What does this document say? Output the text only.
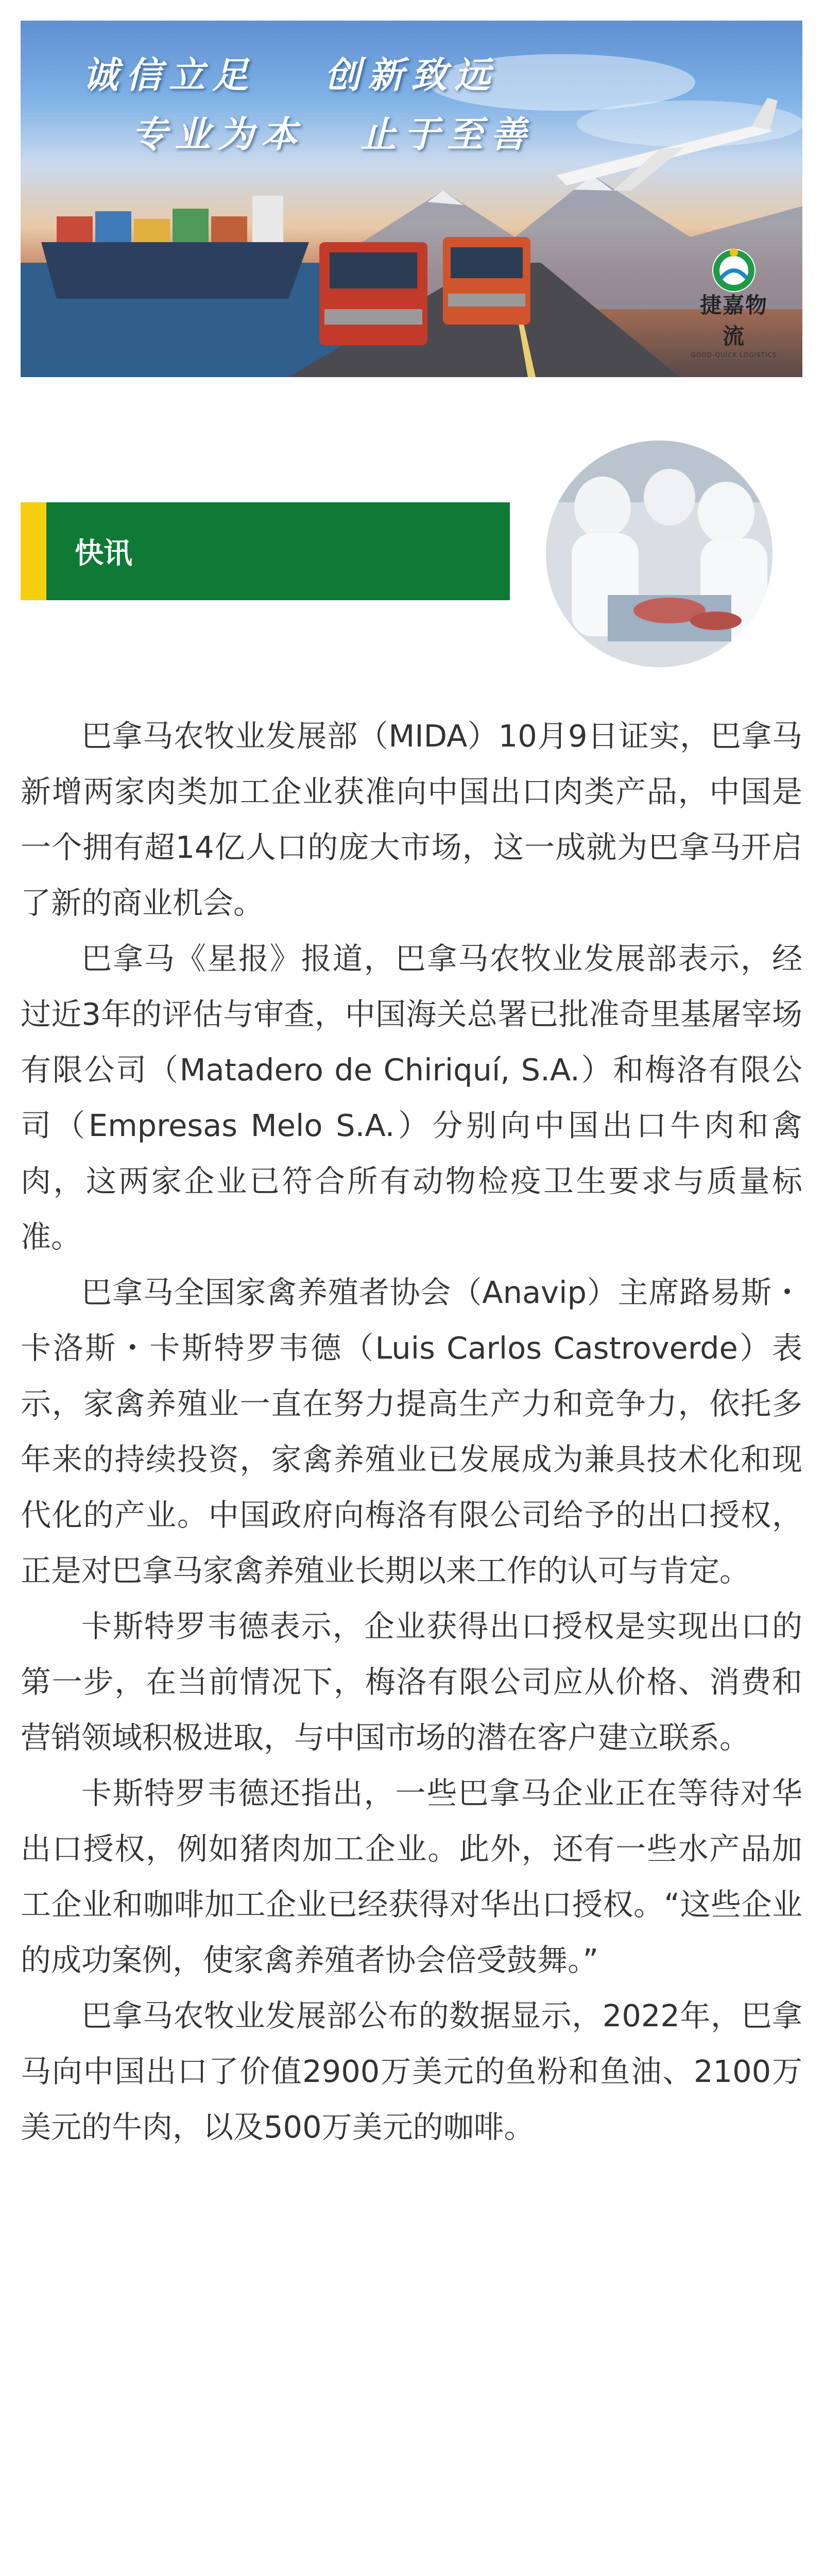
诚信立足 创新致远
专业为本 止于至善
捷嘉物流
GOOD-QUICK LOGISTICS
快讯

巴拿马农牧业发展部（MIDA）10月9日证实，巴拿马新增两家肉类加工企业获准向中国出口肉类产品，中国是一个拥有超14亿人口的庞大市场，这一成就为巴拿马开启了新的商业机会。

巴拿马《星报》报道，巴拿马农牧业发展部表示，经过近3年的评估与审查，中国海关总署已批准奇里基屠宰场有限公司（Matadero de Chiriquí, S.A.）和梅洛有限公司（Empresas Melo S.A.）分别向中国出口牛肉和禽肉，这两家企业已符合所有动物检疫卫生要求与质量标准。

巴拿马全国家禽养殖者协会（Anavip）主席路易斯・卡洛斯・卡斯特罗韦德（Luis Carlos Castroverde）表示，家禽养殖业一直在努力提高生产力和竞争力，依托多年来的持续投资，家禽养殖业已发展成为兼具技术化和现代化的产业。中国政府向梅洛有限公司给予的出口授权，正是对巴拿马家禽养殖业长期以来工作的认可与肯定。

卡斯特罗韦德表示，企业获得出口授权是实现出口的第一步，在当前情况下，梅洛有限公司应从价格、消费和营销领域积极进取，与中国市场的潜在客户建立联系。

卡斯特罗韦德还指出，一些巴拿马企业正在等待对华出口授权，例如猪肉加工企业。此外，还有一些水产品加工企业和咖啡加工企业已经获得对华出口授权。“这些企业的成功案例，使家禽养殖者协会倍受鼓舞。”

巴拿马农牧业发展部公布的数据显示，2022年，巴拿马向中国出口了价值2900万美元的鱼粉和鱼油、2100万美元的牛肉，以及500万美元的咖啡。
